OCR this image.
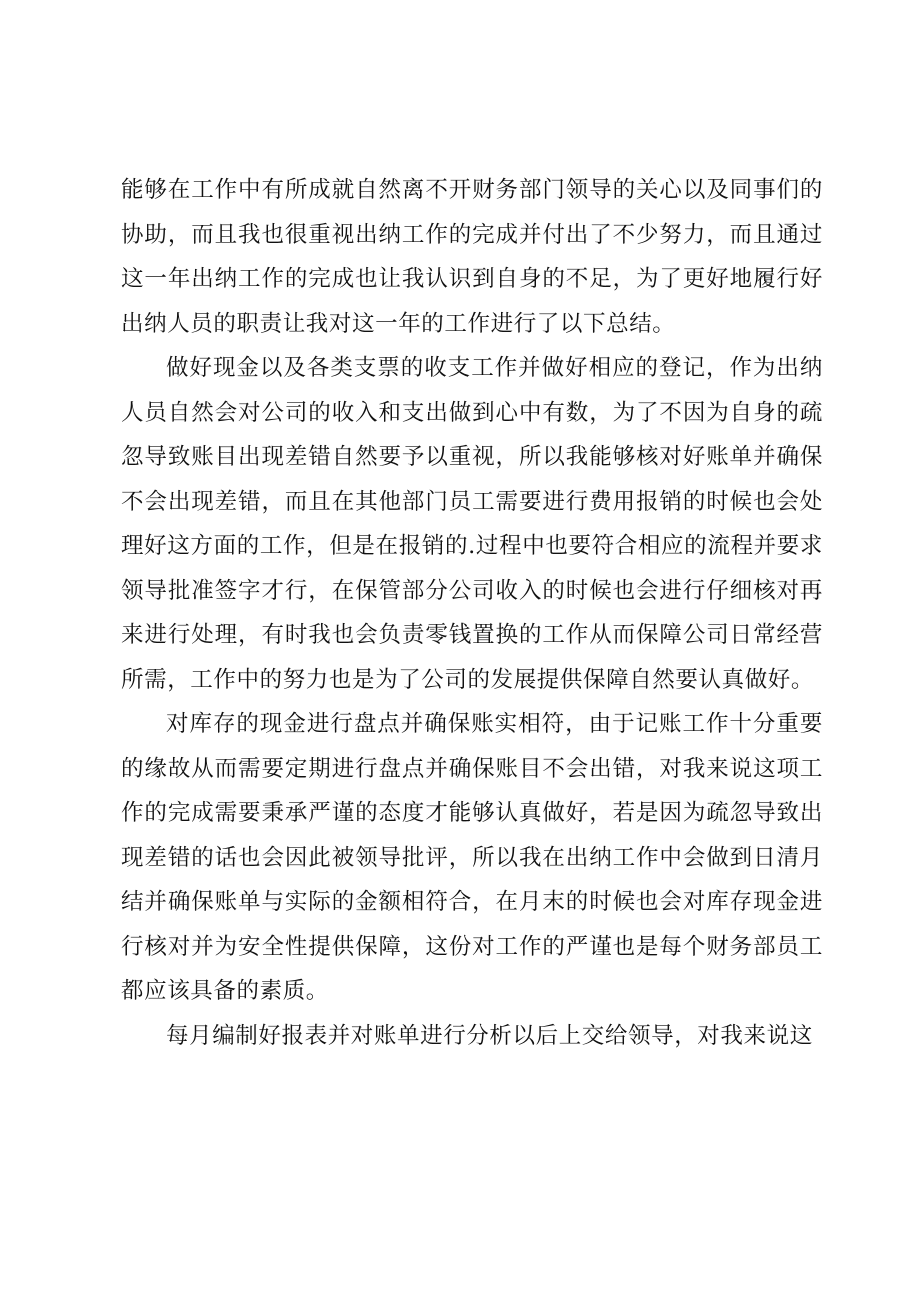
能够在工作中有所成就自然离不开财务部门领导的关心以及同事们的协助，而且我也很重视出纳工作的完成并付出了不少努力，而且通过这一年出纳工作的完成也让我认识到自身的不足，为了更好地履行好出纳人员的职责让我对这一年的工作进行了以下总结。

做好现金以及各类支票的收支工作并做好相应的登记，作为出纳人员自然会对公司的收入和支出做到心中有数，为了不因为自身的疏忽导致账目出现差错自然要予以重视，所以我能够核对好账单并确保不会出现差错，而且在其他部门员工需要进行费用报销的时候也会处理好这方面的工作，但是在报销的.过程中也要符合相应的流程并要求领导批准签字才行，在保管部分公司收入的时候也会进行仔细核对再来进行处理，有时我也会负责零钱置换的工作从而保障公司日常经营所需，工作中的努力也是为了公司的发展提供保障自然要认真做好。

对库存的现金进行盘点并确保账实相符，由于记账工作十分重要的缘故从而需要定期进行盘点并确保账目不会出错，对我来说这项工作的完成需要秉承严谨的态度才能够认真做好，若是因为疏忽导致出现差错的话也会因此被领导批评，所以我在出纳工作中会做到日清月结并确保账单与实际的金额相符合，在月末的时候也会对库存现金进行核对并为安全性提供保障，这份对工作的严谨也是每个财务部员工都应该具备的素质。

每月编制好报表并对账单进行分析以后上交给领导，对我来说这
